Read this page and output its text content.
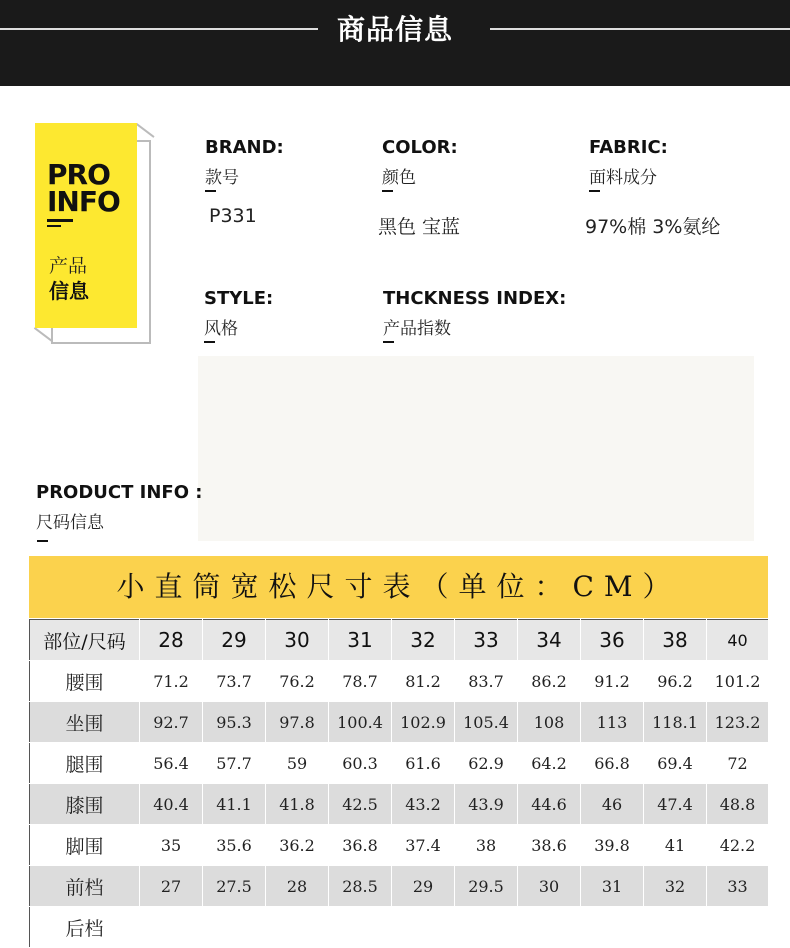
商品信息
PRO
INFO
产品
信息
BRAND:
款号
P331
COLOR:
颜色
黑色 宝蓝
FABRIC:
面料成分
97%棉 3%氨纶
STYLE:
风格
THCKNESS INDEX:
产品指数
PRODUCT INFO :
尺码信息
小直筒宽松尺寸表（单位：CM）
部位/尺码	28	29	30	31	32	33	34	36	38	40
腰围	71.2	73.7	76.2	78.7	81.2	83.7	86.2	91.2	96.2	101.2
坐围	92.7	95.3	97.8	100.4	102.9	105.4	108	113	118.1	123.2
腿围	56.4	57.7	59	60.3	61.6	62.9	64.2	66.8	69.4	72
膝围	40.4	41.1	41.8	42.5	43.2	43.9	44.6	46	47.4	48.8
脚围	35	35.6	36.2	36.8	37.4	38	38.6	39.8	41	42.2
前档	27	27.5	28	28.5	29	29.5	30	31	32	33
后档										
